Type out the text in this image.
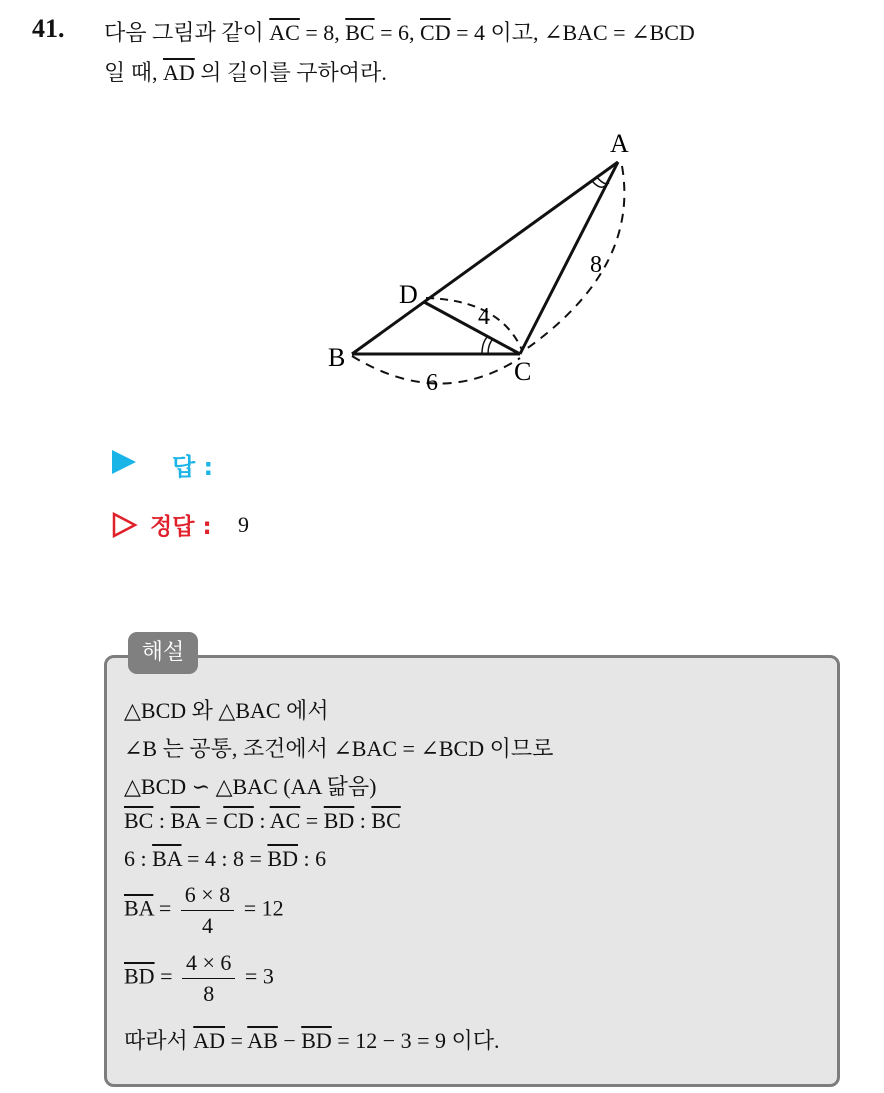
41. 다음 그림과 같이 $\overline{AC} = 8$, $\overline{BC} = 6$, $\overline{CD} = 4$ 이고, ∠BAC = ∠BCD
일 때, $\overline{AD}$ 의 길이를 구하여라.
A
B	C
D
8
4
6
답 :
정답 : 9
해설
△BCD 와 △BAC 에서
∠B 는 공통, 조건에서 ∠BAC = ∠BCD 이므로
△BCD ∽ △BAC (AA 닮음)
$\overline{BC}$ : $\overline{BA} = \overline{CD}$ : $\overline{AC} = \overline{BD}$ : $\overline{BC}$
6 : $\overline{BA} = 4$ : $8 = \overline{BD}$ : 6
$\overline{BA} = \frac{6 \times 8}{4} = 12$
$\overline{BD} = \frac{4 \times 6}{8} = 3$
따라서 $\overline{AD} = \overline{AB} - \overline{BD} = 12 - 3 = 9$ 이다.
